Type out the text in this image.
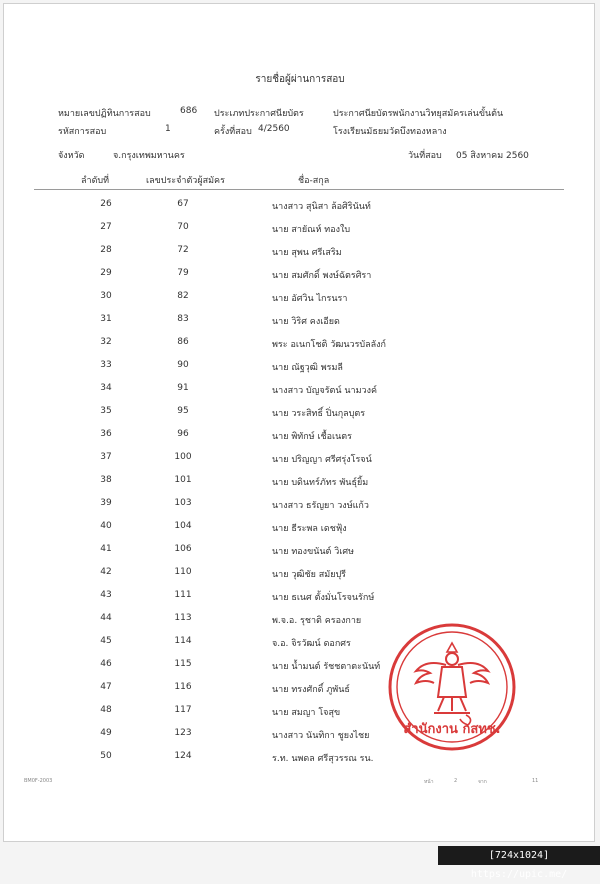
รายชื่อผู้ผ่านการสอบ
หมายเลขปฏิทินการสอบ	686 ประเภทประกาศนียบัตร	ประกาศนียบัตรพนักงานวิทยุสมัครเล่นขั้นต้น
รหัสการสอบ	1	ครั้งที่สอบ 4/2560	โรงเรียนมัธยมวัดบึงทองหลาง
จังหวัด	จ.กรุงเทพมหานคร	วันที่สอบ 05 สิงหาคม 2560
ลำดับที่	เลขประจำตัวผู้สมัคร	ชื่อ-สกุล
26	67	นางสาว สุนิสา ล้อศิรินันท์
27	70	นาย สายัณห์ ทองใบ
28	72	นาย สุพน ศรีเสริม
29	79	นาย สมศักดิ์ พงษ์ฉัตรศิรา
30	82	นาย อัศวิน ไกรนรา
31	83	นาย วิริศ คงเอียด
32	86	พระ อเนกโชติ วัฒนวรบัลลังก์
33	90	นาย ณัฐวุฒิ พรมลี
34	91	นางสาว บัญจรัตน์ นามวงค์
35	95	นาย วระสิทธิ์ ปิ่นกุลบุตร
36	96	นาย พิทักษ์ เชื้อเนตร
37	100	นาย ปริญญา ศรีศรุ่งโรจน์
38	101	นาย บดินทร์ภัทร พันธุ์ยิ้ม
39	103	นางสาว ธรัญยา วงษ์แก้ว
40	104	นาย ธีระพล เดชฟุ้ง
41	106	นาย ทองขนันต์ วิเศษ
42	110	นาย วุฒิชัย สมัยปุรี
43	111	นาย ธเนศ ตั้งมั่นโรจนรักษ์
44	113	พ.จ.อ. รุชาติ ครองกาย
45	114	จ.อ. จิรวัฒน์ ดอกศร
46	115	นาย น้ำมนต์ รัชชตาตะนันท์
47	116	นาย ทรงศักดิ์ ภูพันธ์
48	117	นาย สมญา โจสุข
49	123	นางสาว นันทิกา ชูยงไชย
50	124	ร.ท. นพดล ศรีสุวรรณ รน.
สำนักงาน กสทช.
BM0F-2003	หน้า	2	จาก	11
[724x1024] https://upic.me/
